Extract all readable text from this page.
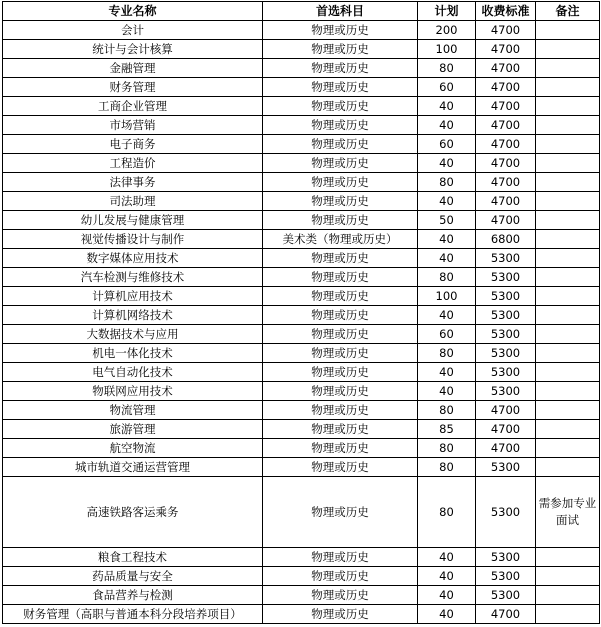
专业名称	首选科目	计划	收费标准	备注
会计	物理或历史	200	4700	
统计与会计核算	物理或历史	100	4700	
金融管理	物理或历史	80	4700	
财务管理	物理或历史	60	4700	
工商企业管理	物理或历史	40	4700	
市场营销	物理或历史	40	4700	
电子商务	物理或历史	60	4700	
工程造价	物理或历史	40	4700	
法律事务	物理或历史	80	4700	
司法助理	物理或历史	40	4700	
幼儿发展与健康管理	物理或历史	50	4700	
视觉传播设计与制作	美术类（物理或历史）	40	6800	
数字媒体应用技术	物理或历史	40	5300	
汽车检测与维修技术	物理或历史	80	5300	
计算机应用技术	物理或历史	100	5300	
计算机网络技术	物理或历史	40	5300	
大数据技术与应用	物理或历史	60	5300	
机电一体化技术	物理或历史	80	5300	
电气自动化技术	物理或历史	40	5300	
物联网应用技术	物理或历史	40	5300	
物流管理	物理或历史	80	4700	
旅游管理	物理或历史	85	4700	
航空物流	物理或历史	80	4700	
城市轨道交通运营管理	物理或历史	80	5300	
高速铁路客运乘务	物理或历史	80	5300	需参加专业面试
粮食工程技术	物理或历史	40	5300	
药品质量与安全	物理或历史	40	5300	
食品营养与检测	物理或历史	40	5300	
财务管理（高职与普通本科分段培养项目）	物理或历史	40	4700	
